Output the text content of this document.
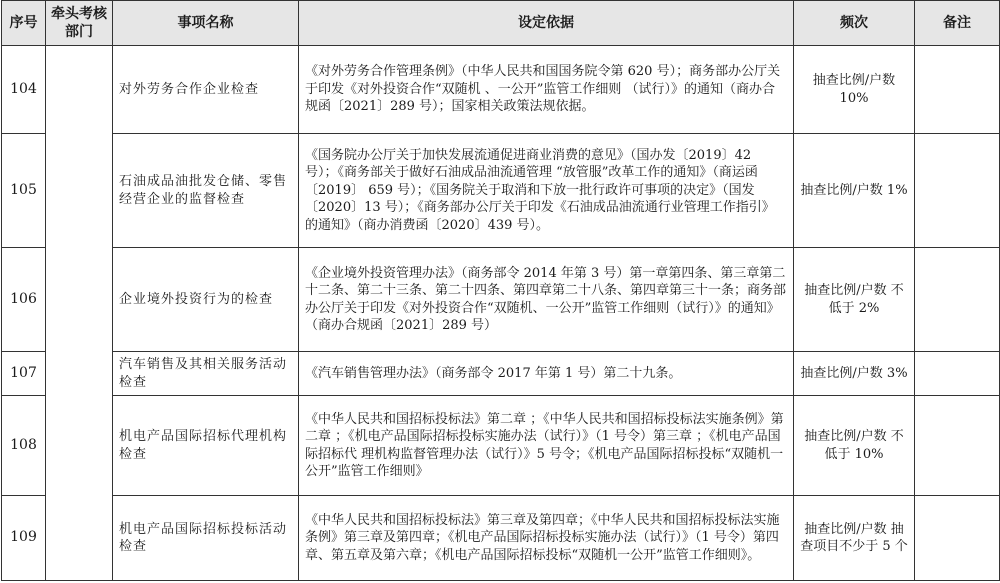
序号	牵头考核部门	事项名称	设定依据	频次	备注
104		对外劳务合作企业检查	《对外劳务合作管理条例》（中华人民共和国国务院令第 620 号）；商务部办公厅关于印发《对外投资合作“双随机 、一公开”监管工作细则 （试行）》的通知（商办合规函〔2021〕289 号）；国家相关政策法规依据。	抽查比例/户数 10%	
105		石油成品油批发仓储、零售经营企业的监督检查	《国务院办公厅关于加快发展流通促进商业消费的意见》（国办发〔2019〕42 号）；《商务部关于做好石油成品油流通管理 “放管服”改革工作的通知》（商运函〔2019〕 659 号）；《国务院关于取消和下放一批行政许可事项的决定》（国发〔2020〕13 号）；《商务部办公厅关于印发《石油成品油流通行业管理工作指引》的通知》（商办消费函〔2020〕439 号）。	抽查比例/户数 1%	
106		企业境外投资行为的检查	《企业境外投资管理办法》（商务部令 2014 年第 3 号）第一章第四条、第三章第二十二条、第二十三条、第二十四条、第四章第二十八条、第四章第三十一条；商务部办公厅关于印发《对外投资合作“双随机、一公开”监管工作细则（试行）》的通知》（商办合规函〔2021〕289 号）	抽查比例/户数 不低于 2%	
107		汽车销售及其相关服务活动检查	《汽车销售管理办法》（商务部令 2017 年第 1 号）第二十九条。	抽查比例/户数 3%	
108		机电产品国际招标代理机构检查	《中华人民共和国招标投标法》第二章 ；《中华人民共和国招标投标法实施条例》第二章 ；《机电产品国际招标投标实施办法（试行）》（1 号令）第三章 ；《机电产品国际招标代 理机构监督管理办法（试行）》5 号令；《机电产品国际招标投标“双随机一公开”监管工作细则》	抽查比例/户数 不低于 10%	
109		机电产品国际招标投标活动检查	《中华人民共和国招标投标法》第三章及第四章；《中华人民共和国招标投标法实施条例》第三章及第四章；《机电产品国际招标投标实施办法（试行）》（1 号令）第四章、第五章及第六章；《机电产品国际招标投标“双随机一公开”监管工作细则》。	抽查比例/户数 抽查项目不少于 5 个	
